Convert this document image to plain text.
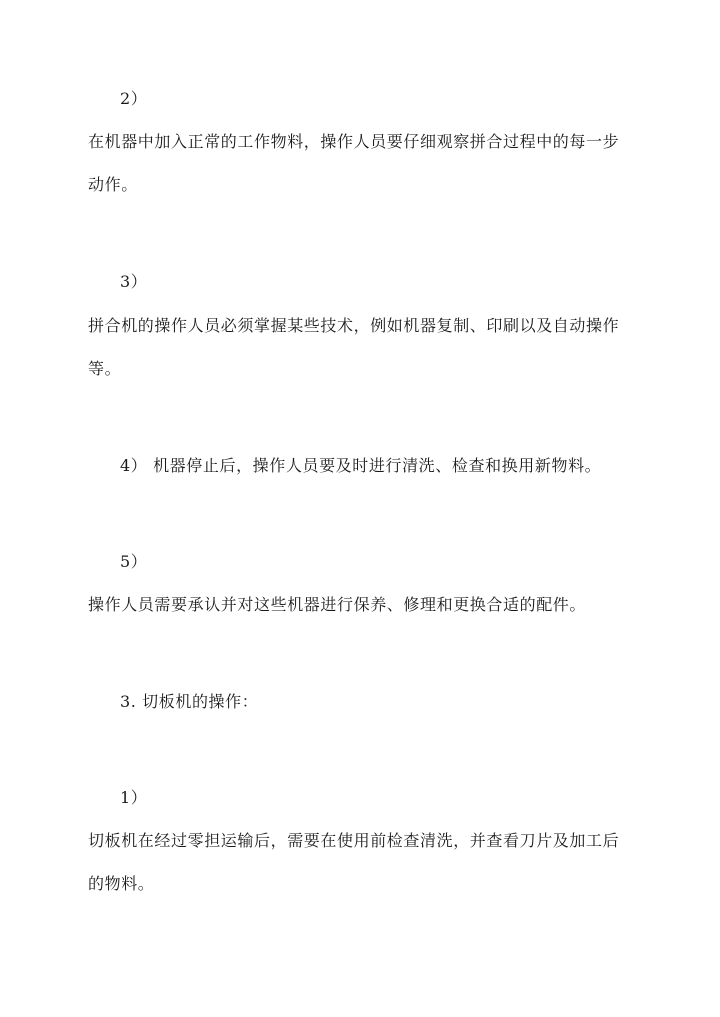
2）
在机器中加入正常的工作物料，操作人员要仔细观察拼合过程中的每一步
动作。
3）
拼合机的操作人员必须掌握某些技术，例如机器复制、印刷以及自动操作
等。
4） 机器停止后，操作人员要及时进行清洗、检查和换用新物料。
5）
操作人员需要承认并对这些机器进行保养、修理和更换合适的配件。
3. 切板机的操作：
1）
切板机在经过零担运输后，需要在使用前检查清洗，并查看刀片及加工后
的物料。
